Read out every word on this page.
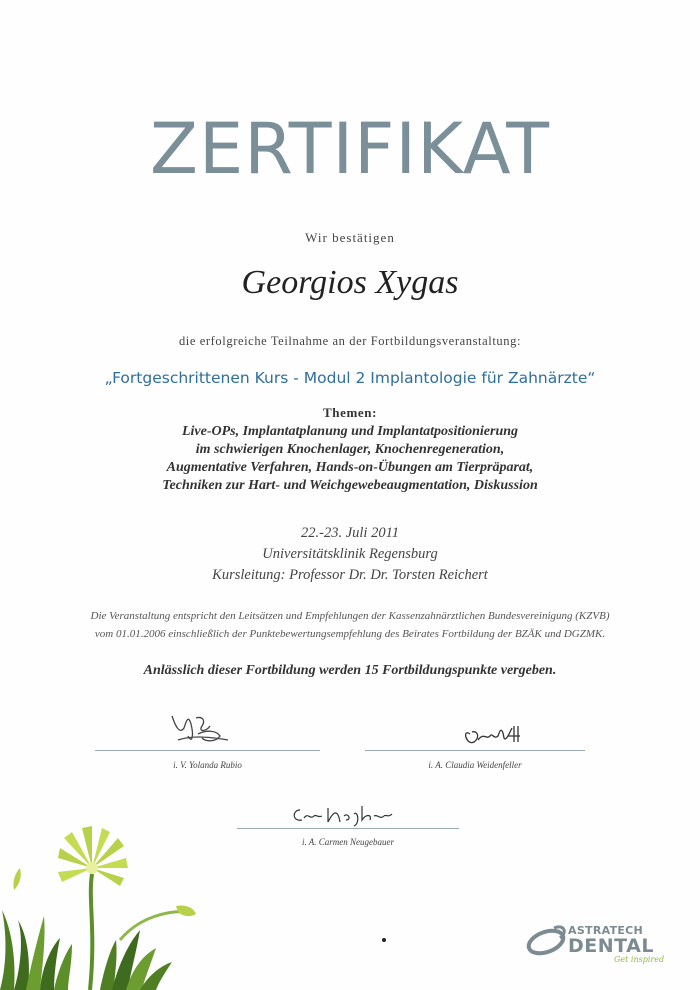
ZERTIFIKAT
Wir bestätigen
Georgios Xygas
die erfolgreiche Teilnahme an der Fortbildungsveranstaltung:
„Fortgeschrittenen Kurs - Modul 2 Implantologie für Zahnärzte“
Themen:
Live-OPs, Implantatplanung und Implantatpositionierung
im schwierigen Knochenlager, Knochenregeneration,
Augmentative Verfahren, Hands-on-Übungen am Tierpräparat,
Techniken zur Hart- und Weichgewebeaugmentation, Diskussion
22.-23. Juli 2011
Universitätsklinik Regensburg
Kursleitung: Professor Dr. Dr. Torsten Reichert
Die Veranstaltung entspricht den Leitsätzen und Empfehlungen der Kassenzahnärztlichen Bundesvereinigung (KZVB)
vom 01.01.2006 einschließlich der Punktebewertungsempfehlung des Beirates Fortbildung der BZÄK und DGZMK.
Anlässlich dieser Fortbildung werden 15 Fortbildungspunkte vergeben.
i. V. Yolanda Rubio	i. A. Claudia Weidenfeller
i. A. Carmen Neugebauer
ASTRATECH
DENTAL
Get inspired
